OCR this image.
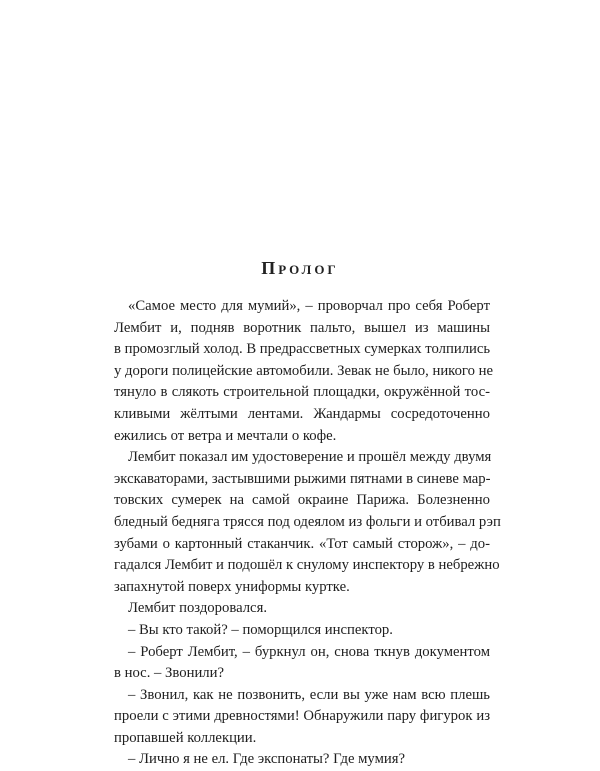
Пролог
«Самое место для мумий», – проворчал про себя Роберт
Лембит и, подняв воротник пальто, вышел из машины
в промозглый холод. В предрассветных сумерках толпились
у дороги полицейские автомобили. Зевак не было, никого не
тянуло в слякоть строительной площадки, окружённой тос-
кливыми жёлтыми лентами. Жандармы сосредоточенно
ежились от ветра и мечтали о кофе.
Лембит показал им удостоверение и прошёл между двумя
экскаваторами, застывшими рыжими пятнами в синеве мар-
товских сумерек на самой окраине Парижа. Болезненно
бледный бедняга трясся под одеялом из фольги и отбивал рэп
зубами о картонный стаканчик. «Тот самый сторож», – до-
гадался Лембит и подошёл к снулому инспектору в небрежно
запахнутой поверх униформы куртке.
Лембит поздоровался.
– Вы кто такой? – поморщился инспектор.
– Роберт Лембит, – буркнул он, снова ткнув документом
в нос. – Звонили?
– Звонил, как не позвонить, если вы уже нам всю плешь
проели с этими древностями! Обнаружили пару фигурок из
пропавшей коллекции.
– Лично я не ел. Где экспонаты? Где мумия?
